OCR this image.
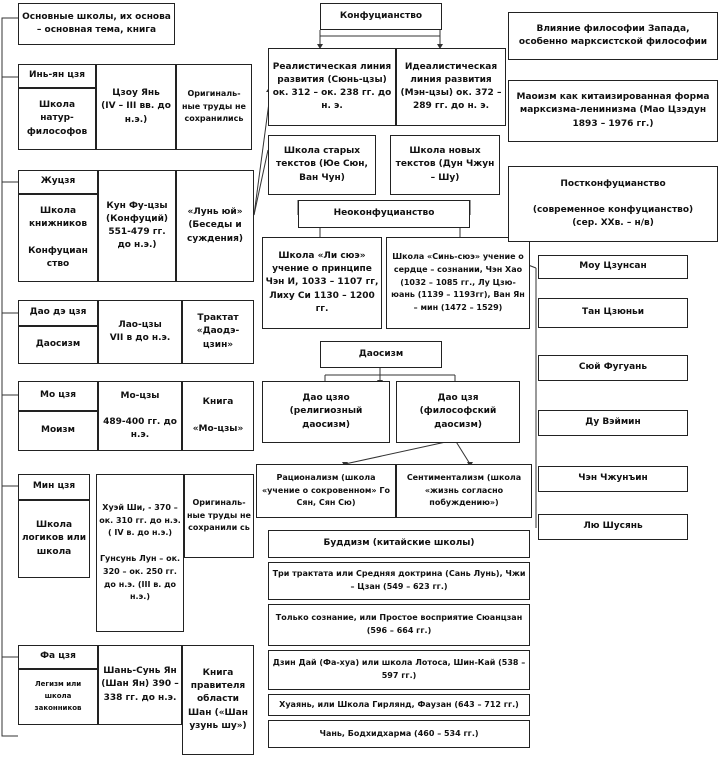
Основные школы, их основа – основная тема, книга
Инь-ян цзя
Школа натур-философов
Цзоу Янь
(IV – III вв. до н.э.)
Оригиналь-ные труды не сохранились
Жуцзя
Школа книжников

Конфуциан ство
Кун Фу-цзы
(Конфуций) 551-479 гг. до н.э.)
«Лунь юй»
(Беседы и суждения)
Дао дэ цзя
Даосизм
Лао-цзы
VII в до н.э.
Трактат
«Даодэ-цзин»
Мо цзя
Моизм
Мо-цзы

489-400 гг. до н.э.
Книга

«Мо-цзы»
Мин цзя
Школа логиков или школа
Хуэй Ши, - 370 – ок. 310 гг. до н.э. ( IV в. до н.э.)

Гунсунь Лун – ок. 320 – ок. 250 гг. до н.э. (III в. до н.э.)
Оригиналь-ные труды не сохранили сь
Фа цзя
Легизм или школа законников
Шань-Сунь Ян (Шан Ян) 390 – 338 гг. до н.э.
Книга правителя области Шан («Шан узунь шу»)
Конфуцианство
Реалистическая линия развития (Сюнь-цзы) ок. 312 – ок. 238 гг. до н. э.
Идеалистическая линия развития (Мэн-цзы) ок. 372 – 289 гг. до н. э.
Школа старых текстов (Юе Сюн, Ван Чун)
Школа новых текстов (Дун Чжун – Шу)
Неоконфуцианство
Школа «Ли сюэ» учение о принципе Чэн И, 1033 – 1107 гг, Лиху Си 1130 – 1200 гг.
Школа «Синь-сюэ» учение о сердце – сознании, Чэн Хао (1032 – 1085 гг., Лу Цзю-юань (1139 – 1193гг), Ван Ян – мин (1472 – 1529)
Даосизм
Дао цзяо
(религиозный даосизм)
Дао цзя
(философский даосизм)
Рационализм (школа «учение о сокровенном» Го Сян, Сян Сю)
Сентиментализм (школа «жизнь согласно побуждению»)
Буддизм (китайские школы)
Три трактата или Средняя доктрина (Сань Лунь), Чжи – Цзан (549 – 623 гг.)
Только сознание, или Простое восприятие Сюанцзан (596 – 664 гг.)
Дзин Дай (Фа-хуа) или школа Лотоса, Шин-Кай (538 – 597 гг.)
Хуаянь, или Школа Гирлянд, Фаузан (643 – 712 гг.)
Чань, Бодхидхарма (460 – 534 гг.)
Влияние философии Запада, особенно марксистской философии
Маоизм как китаизированная форма марксизма-ленинизма (Мао Цзэдун 1893 – 1976 гг.)
Постконфуцианство

(современное конфуцианство)
(сер. XXв. – н/в)
Моу Цзунсан
Тан Цзюньи
Сюй Фугуань
Ду Вэймин
Чэн Чжунъин
Лю Шусянь
